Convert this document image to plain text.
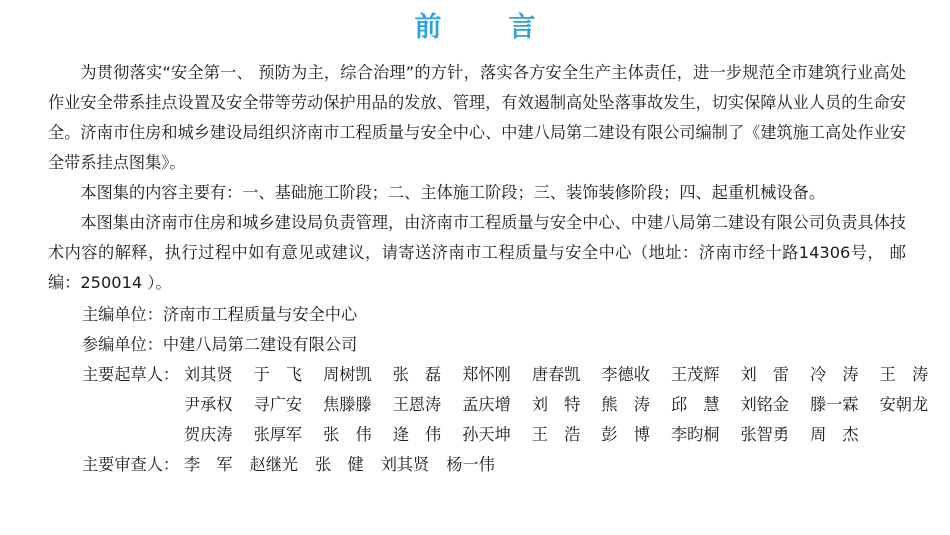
前　言

为贯彻落实“安全第一、 预防为主，综合治理”的方针，落实各方安全生产主体责任，进一步规范全市建筑行业高处作业安全带系挂点设置及安全带等劳动保护用品的发放、管理，有效遏制高处坠落事故发生，切实保障从业人员的生命安全。济南市住房和城乡建设局组织济南市工程质量与安全中心、中建八局第二建设有限公司编制了《建筑施工高处作业安全带系挂点图集》。

本图集的内容主要有：一、基础施工阶段；二、主体施工阶段；三、装饰装修阶段；四、起重机械设备。

本图集由济南市住房和城乡建设局负责管理，由济南市工程质量与安全中心、中建八局第二建设有限公司负责具体技术内容的解释，执行过程中如有意见或建议，请寄送济南市工程质量与安全中心（地址：济南市经十路14306号， 邮编：250014 ）。

主编单位：济南市工程质量与安全中心
参编单位：中建八局第二建设有限公司
主要起草人： 刘其贤 于　飞 周树凯 张　磊 郑怀刚 唐春凯 李德收 王茂辉 刘　雷 冷　涛 王　涛
尹承权 寻广安 焦滕滕 王恩涛 孟庆增 刘　特 熊　涛 邱　慧 刘铭金 滕一霖 安朝龙
贺庆涛 张厚军 张　伟 逄　伟 孙天坤 王　浩 彭　博 李昀桐 张智勇 周　杰
主要审查人： 李　军 赵继光 张　健 刘其贤 杨一伟
